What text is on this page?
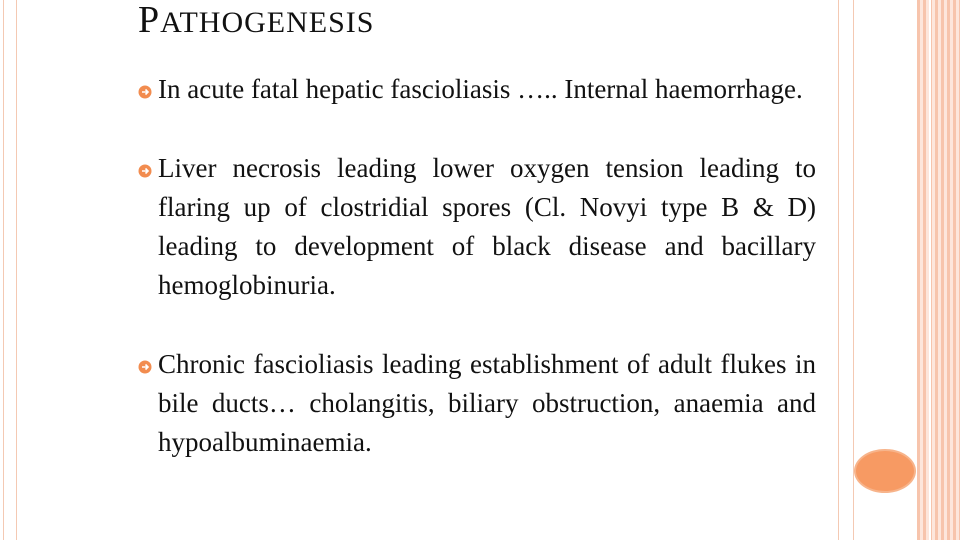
PATHOGENESIS
In acute fatal hepatic fascioliasis ….. Internal haemorrhage.
Liver necrosis leading lower oxygen tension leading to flaring up of clostridial spores (Cl. Novyi type B & D) leading to development of black disease and bacillary hemoglobinuria.
Chronic fascioliasis leading establishment of adult flukes in bile ducts… cholangitis, biliary obstruction, anaemia and hypoalbuminaemia.
